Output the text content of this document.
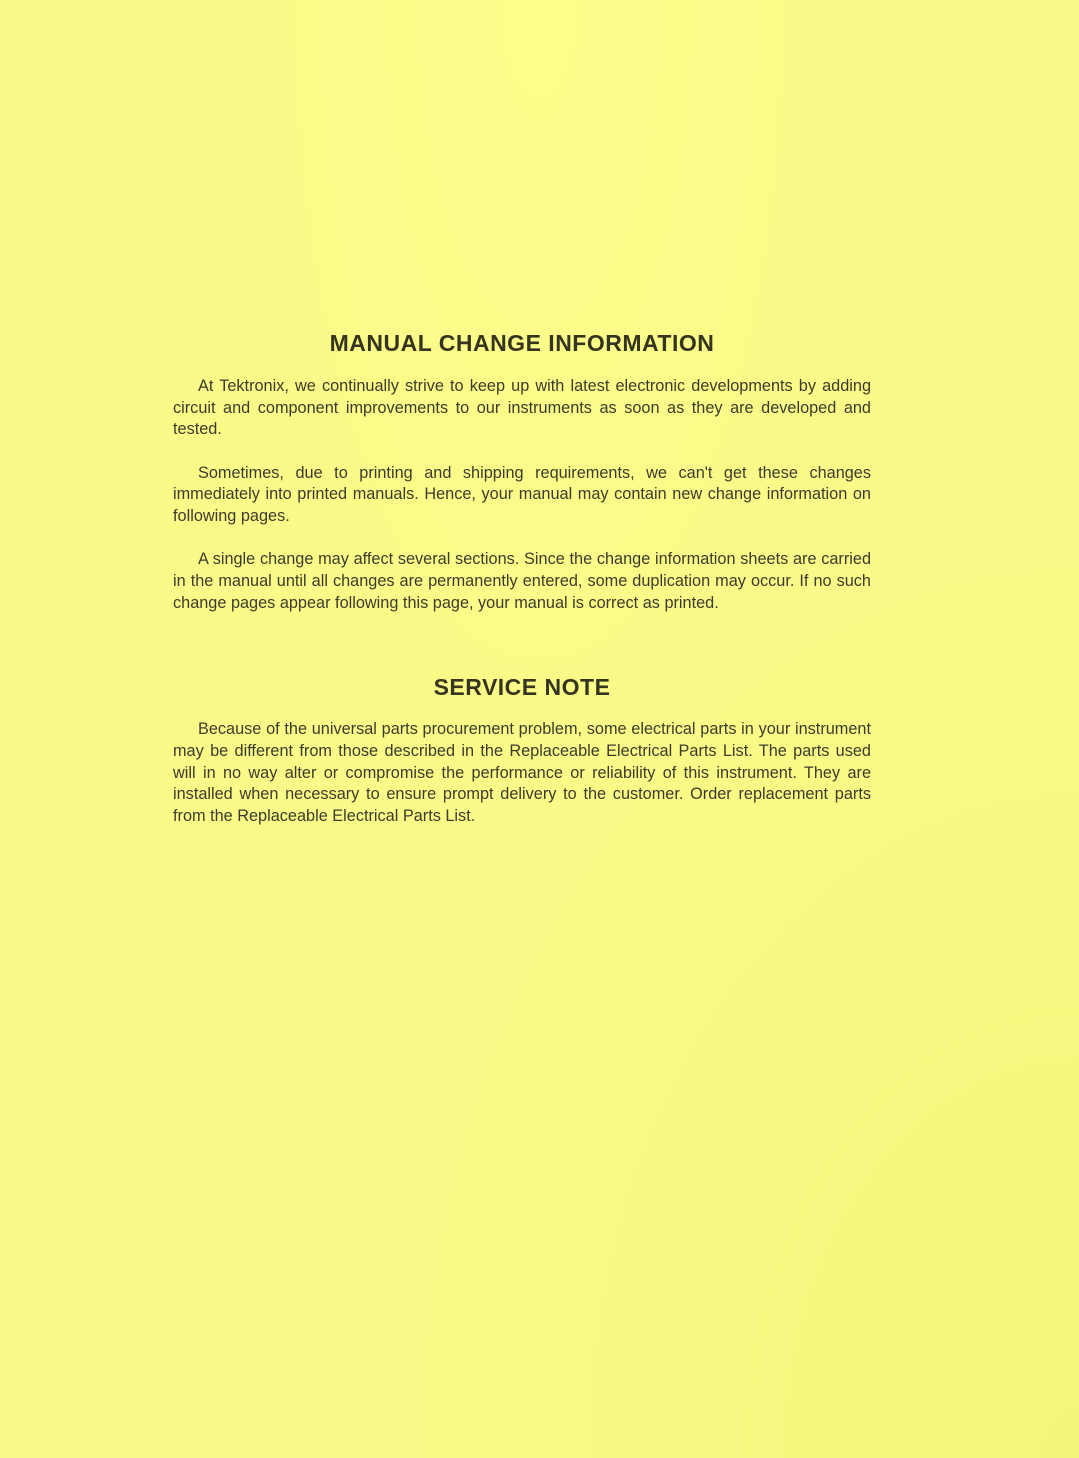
MANUAL CHANGE INFORMATION

At Tektronix, we continually strive to keep up with latest electronic developments by adding circuit and component improvements to our instruments as soon as they are developed and tested.

Sometimes, due to printing and shipping requirements, we can't get these changes immediately into printed manuals. Hence, your manual may contain new change information on following pages.

A single change may affect several sections. Since the change information sheets are carried in the manual until all changes are permanently entered, some duplication may occur. If no such change pages appear following this page, your manual is correct as printed.

SERVICE NOTE

Because of the universal parts procurement problem, some electrical parts in your instrument may be different from those described in the Replaceable Electrical Parts List. The parts used will in no way alter or compromise the performance or reliability of this instrument. They are installed when necessary to ensure prompt delivery to the customer. Order replacement parts from the Replaceable Electrical Parts List.
